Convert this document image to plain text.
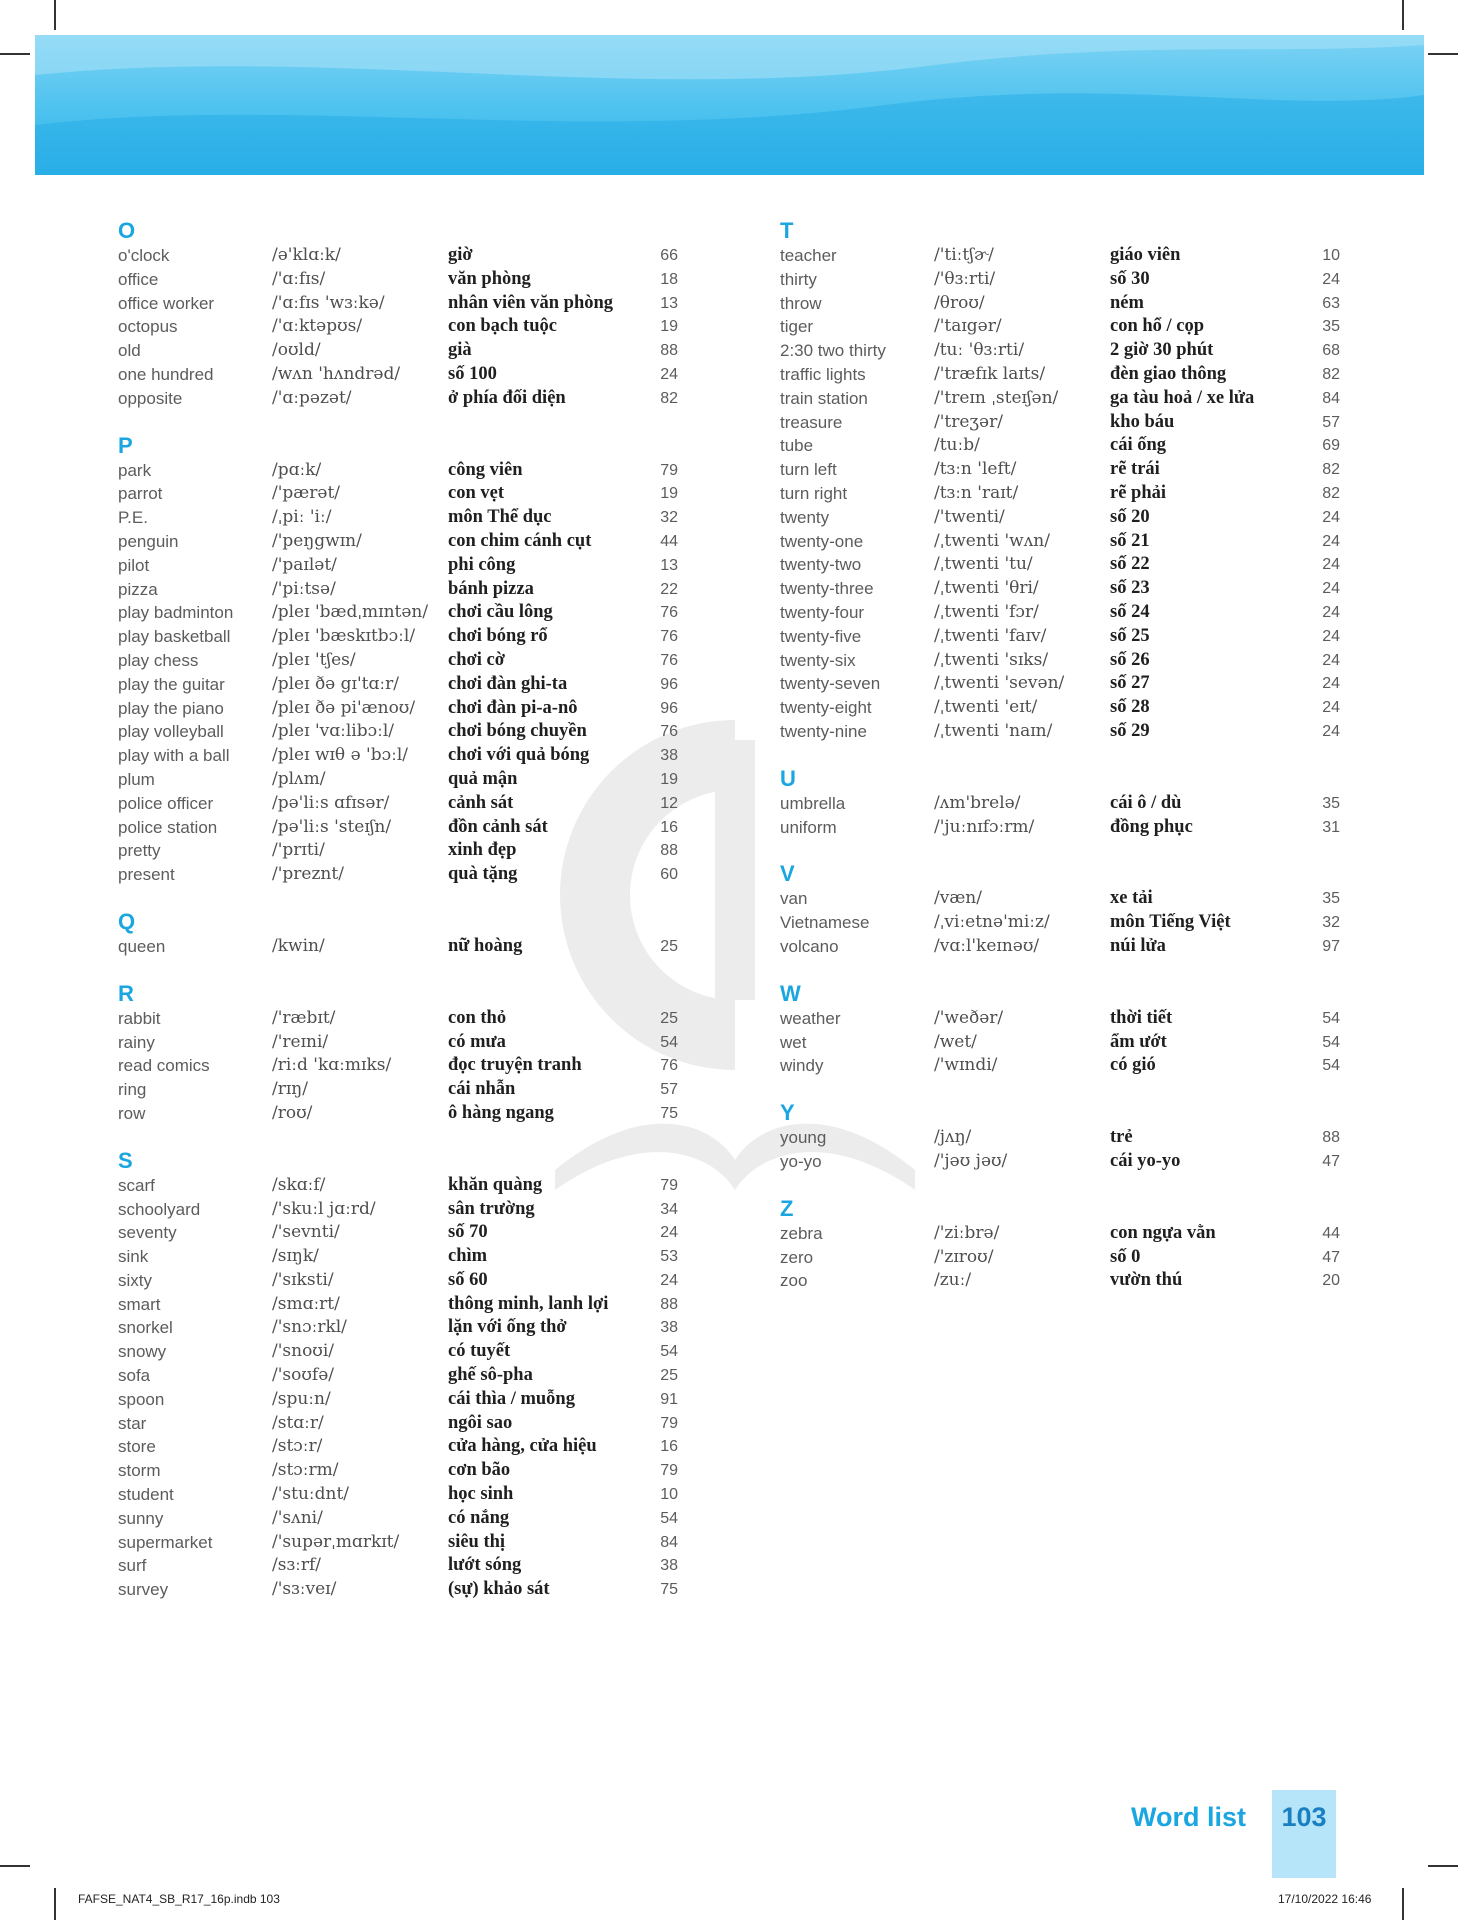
O
o'clock	/ə'klɑːk/	giờ	66
office	/'ɑːfɪs/	văn phòng	18
office worker	/'ɑːfɪs 'wɜːkə/	nhân viên văn phòng	13
octopus	/'ɑːktəpʊs/	con bạch tuộc	19
old	/oʊld/	già	88
one hundred	/wʌn 'hʌndrəd/	số 100	24
opposite	/'ɑːpəzət/	ở phía đối diện	82
P
park	/pɑːk/	công viên	79
parrot	/'pærət/	con vẹt	19
P.E.	/ˌpiː 'iː/	môn Thể dục	32
penguin	/'peŋgwɪn/	con chim cánh cụt	44
pilot	/'paɪlət/	phi công	13
pizza	/'piːtsə/	bánh pizza	22
play badminton	/pleɪ 'bædˌmɪntən/	chơi cầu lông	76
play basketball	/pleɪ 'bæskɪtbɔːl/	chơi bóng rổ	76
play chess	/pleɪ 'tʃes/	chơi cờ	76
play the guitar	/pleɪ ðə gɪ'tɑːr/	chơi đàn ghi-ta	96
play the piano	/pleɪ ðə pi'ænoʊ/	chơi đàn pi-a-nô	96
play volleyball	/pleɪ 'vɑːlibɔːl/	chơi bóng chuyền	76
play with a ball	/pleɪ wɪθ ə 'bɔːl/	chơi với quả bóng	38
plum	/plʌm/	quả mận	19
police officer	/pə'liːs ɑfɪsər/	cảnh sát	12
police station	/pə'liːs 'steɪʃn/	đồn cảnh sát	16
pretty	/'prɪti/	xinh đẹp	88
present	/'preznt/	quà tặng	60
Q
queen	/kwin/	nữ hoàng	25
R
rabbit	/'ræbɪt/	con thỏ	25
rainy	/'reɪni/	có mưa	54
read comics	/riːd 'kɑːmɪks/	đọc truyện tranh	76
ring	/rɪŋ/	cái nhẫn	57
row	/roʊ/	ô hàng ngang	75
S
scarf	/skɑːf/	khăn quàng	79
schoolyard	/'skuːl jɑːrd/	sân trường	34
seventy	/'sevnti/	số 70	24
sink	/sɪŋk/	chìm	53
sixty	/'sɪksti/	số 60	24
smart	/smɑːrt/	thông minh, lanh lợi	88
snorkel	/'snɔːrkl/	lặn với ống thở	38
snowy	/'snoʊi/	có tuyết	54
sofa	/'soʊfə/	ghế sô-pha	25
spoon	/spuːn/	cái thìa / muỗng	91
star	/stɑːr/	ngôi sao	79
store	/stɔːr/	cửa hàng, cửa hiệu	16
storm	/stɔːrm/	cơn bão	79
student	/'stuːdnt/	học sinh	10
sunny	/'sʌni/	có nắng	54
supermarket	/'supərˌmɑrkɪt/	siêu thị	84
surf	/sɜːrf/	lướt sóng	38
survey	/'sɜːveɪ/	(sự) khảo sát	75
T
teacher	/'tiːtʃɚ/	giáo viên	10
thirty	/'θɜːrti/	số 30	24
throw	/θroʊ/	ném	63
tiger	/'taɪgər/	con hổ / cọp	35
2:30 two thirty	/tuː 'θɜːrti/	2 giờ 30 phút	68
traffic lights	/'træfɪk laɪts/	đèn giao thông	82
train station	/'treɪn ˌsteɪʃən/	ga tàu hoả / xe lửa	84
treasure	/'treʒər/	kho báu	57
tube	/tuːb/	cái ống	69
turn left	/tɜːn 'left/	rẽ trái	82
turn right	/tɜːn 'raɪt/	rẽ phải	82
twenty	/'twenti/	số 20	24
twenty-one	/ˌtwenti 'wʌn/	số 21	24
twenty-two	/ˌtwenti 'tu/	số 22	24
twenty-three	/ˌtwenti 'θri/	số 23	24
twenty-four	/ˌtwenti 'fɔr/	số 24	24
twenty-five	/ˌtwenti 'faɪv/	số 25	24
twenty-six	/ˌtwenti 'sɪks/	số 26	24
twenty-seven	/ˌtwenti 'sevən/	số 27	24
twenty-eight	/ˌtwenti 'eɪt/	số 28	24
twenty-nine	/ˌtwenti 'naɪn/	số 29	24
U
umbrella	/ʌm'brelə/	cái ô / dù	35
uniform	/'juːnɪfɔːrm/	đồng phục	31
V
van	/væn/	xe tải	35
Vietnamese	/ˌviːetnə'miːz/	môn Tiếng Việt	32
volcano	/vɑːl'keɪnəʊ/	núi lửa	97
W
weather	/'weðər/	thời tiết	54
wet	/wet/	ẩm ướt	54
windy	/'wɪndi/	có gió	54
Y
young	/jʌŋ/	trẻ	88
yo-yo	/'jəʊ jəʊ/	cái yo-yo	47
Z
zebra	/'ziːbrə/	con ngựa vằn	44
zero	/'zɪroʊ/	số 0	47
zoo	/zuː/	vườn thú	20
Word list	103
FAFSE_NAT4_SB_R17_16p.indb 103	17/10/2022 16:46
